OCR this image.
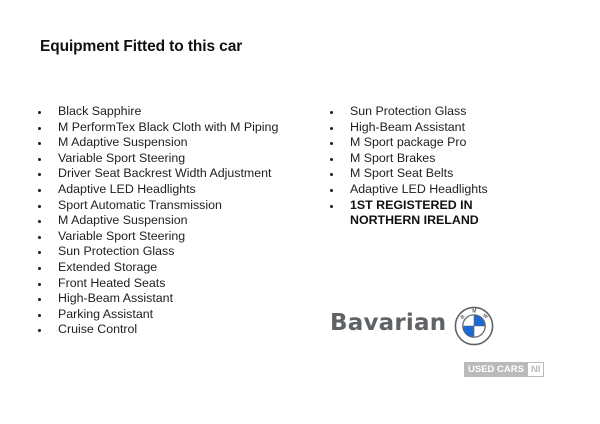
Equipment Fitted to this car
Black Sapphire
M PerformTex Black Cloth with M Piping
M Adaptive Suspension
Variable Sport Steering
Driver Seat Backrest Width Adjustment
Adaptive LED Headlights
Sport Automatic Transmission
M Adaptive Suspension
Variable Sport Steering
Sun Protection Glass
Extended Storage
Front Heated Seats
High-Beam Assistant
Parking Assistant
Cruise Control
Sun Protection Glass
High-Beam Assistant
M Sport package Pro
M Sport Brakes
M Sport Seat Belts
Adaptive LED Headlights
1ST REGISTERED IN
NORTHERN IRELAND
Bavarian	B
M
W
USED CARS NI
